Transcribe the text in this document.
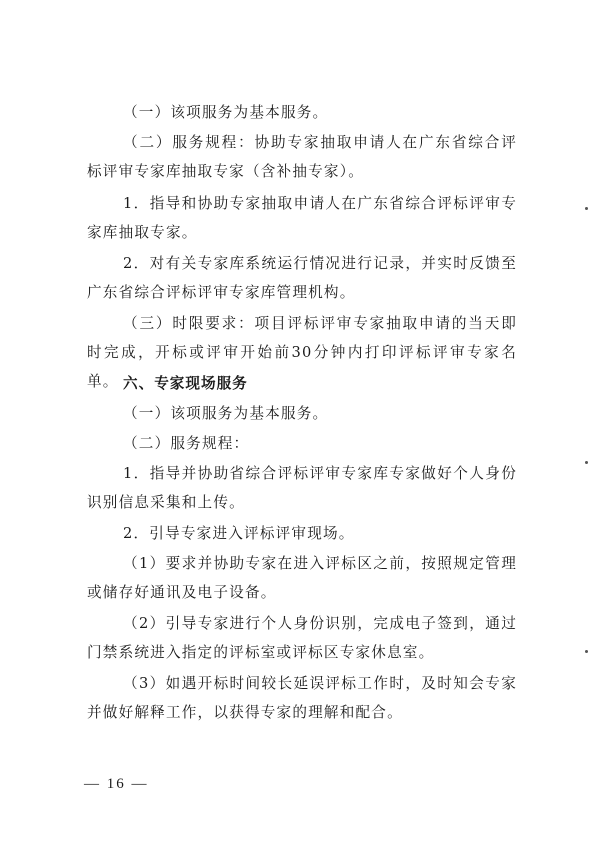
（一）该项服务为基本服务。

（二）服务规程：协助专家抽取申请人在广东省综合评标评审专家库抽取专家（含补抽专家）。

1．指导和协助专家抽取申请人在广东省综合评标评审专家库抽取专家。

2．对有关专家库系统运行情况进行记录，并实时反馈至广东省综合评标评审专家库管理机构。

（三）时限要求：项目评标评审专家抽取申请的当天即时完成，开标或评审开始前30分钟内打印评标评审专家名单。 六、专家现场服务

（一）该项服务为基本服务。

（二）服务规程：

1．指导并协助省综合评标评审专家库专家做好个人身份识别信息采集和上传。

2．引导专家进入评标评审现场。

（1）要求并协助专家在进入评标区之前，按照规定管理或储存好通讯及电子设备。

（2）引导专家进行个人身份识别，完成电子签到，通过门禁系统进入指定的评标室或评标区专家休息室。

（3）如遇开标时间较长延误评标工作时，及时知会专家并做好解释工作，以获得专家的理解和配合。

— 16 —
